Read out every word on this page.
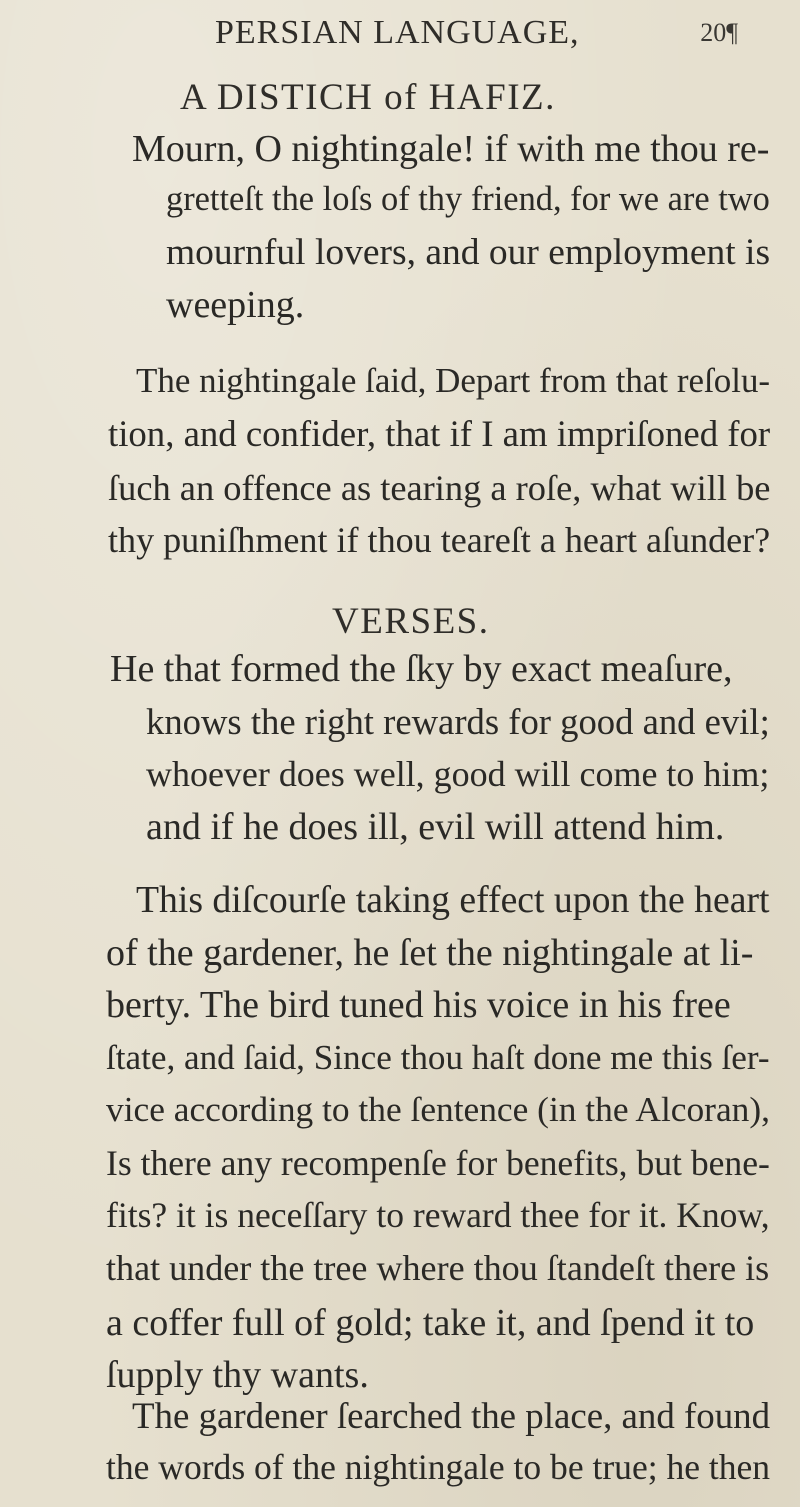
PERSIAN LANGUAGE,	20¶
A DISTICH of HAFIZ.
Mourn, O nightingale! if with me thou re-
gretteſt the loſs of thy friend, for we are two
mournful lovers, and our employment is
weeping.
The nightingale ſaid, Depart from that reſolu-
tion, and confider, that if I am impriſoned for
ſuch an offence as tearing a roſe, what will be
thy puniſhment if thou teareſt a heart aſunder?
VERSES.
He that formed the ſky by exact meaſure,
knows the right rewards for good and evil;
whoever does well, good will come to him;
and if he does ill, evil will attend him.
This diſcourſe taking effect upon the heart
of the gardener, he ſet the nightingale at li-
berty. The bird tuned his voice in his free
ſtate, and ſaid, Since thou haſt done me this ſer-
vice according to the ſentence (in the Alcoran),
Is there any recompenſe for benefits, but bene-
fits? it is neceſſary to reward thee for it. Know,
that under the tree where thou ſtandeſt there is
a coffer full of gold; take it, and ſpend it to
ſupply thy wants.
The gardener ſearched the place, and found
the words of the nightingale to be true; he then
